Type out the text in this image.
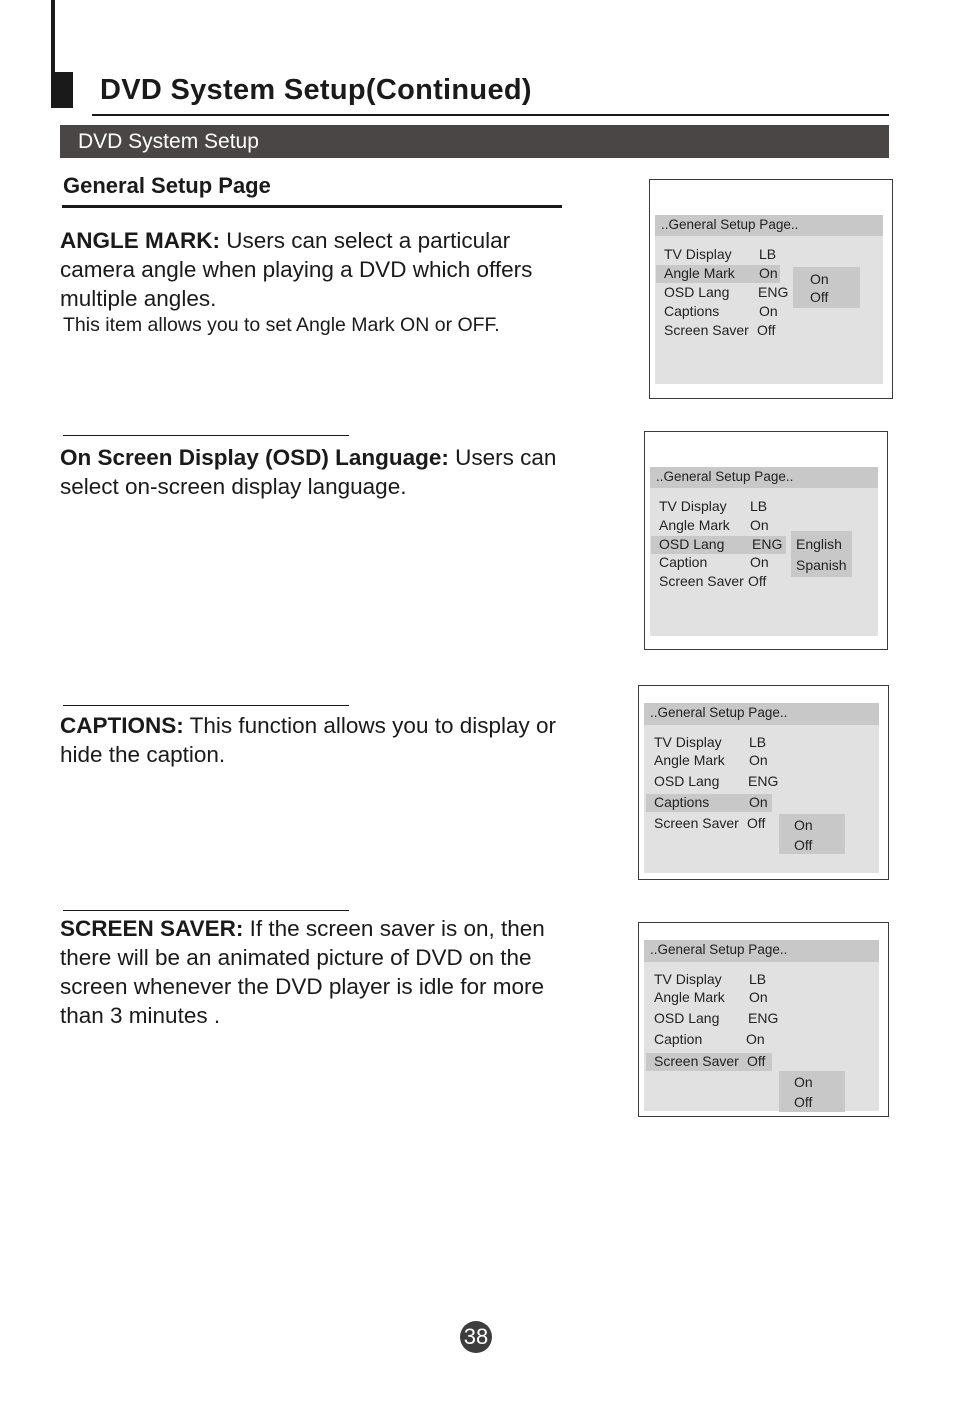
DVD System Setup(Continued)
DVD System Setup
General Setup Page
ANGLE MARK: Users can select a particular camera angle when playing a DVD which offers multiple angles.
This item allows you to set Angle Mark ON or OFF.
On Screen Display (OSD) Language: Users can select on-screen display language.
CAPTIONS: This function allows you to display or hide the caption.
SCREEN SAVER: If the screen saver is on, then there will be an animated picture of DVD on the screen whenever the DVD player is idle for more than 3 minutes .
..General Setup Page..
TV Display LB
Angle Mark On
OSD Lang ENG
Captions	On
Screen Saver Off
On
Off
..General Setup Page..
TV Display LB
Angle Mark On
OSD Lang ENG
Caption	On
Screen Saver Off
English
Spanish
..General Setup Page..
TV Display LB
Angle Mark On
OSD Lang ENG
Captions	On
Screen Saver Off On
Off
..General Setup Page..
TV Display LB
Angle Mark On
OSD Lang ENG
Caption	On
Screen Saver Off
On
Off
38
